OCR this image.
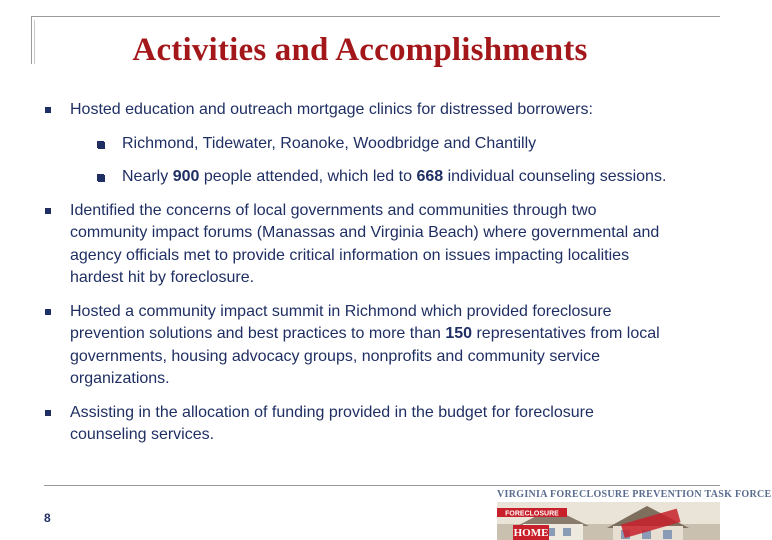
Activities and Accomplishments
Hosted education and outreach mortgage clinics for distressed borrowers:
Richmond, Tidewater, Roanoke, Woodbridge and Chantilly
Nearly 900 people attended, which led to 668 individual counseling sessions.
Identified the concerns of local governments and communities through two community impact forums (Manassas and Virginia Beach) where governmental and agency officials met to provide critical information on issues impacting localities hardest hit by foreclosure.
Hosted a community impact summit in Richmond which provided foreclosure prevention solutions and best practices to more than 150 representatives from local governments, housing advocacy groups, nonprofits and community service organizations.
Assisting in the allocation of funding provided in the budget for foreclosure counseling services.
8
VIRGINIA FORECLOSURE PREVENTION TASK FORCE
FORECLOSURE
HOME
